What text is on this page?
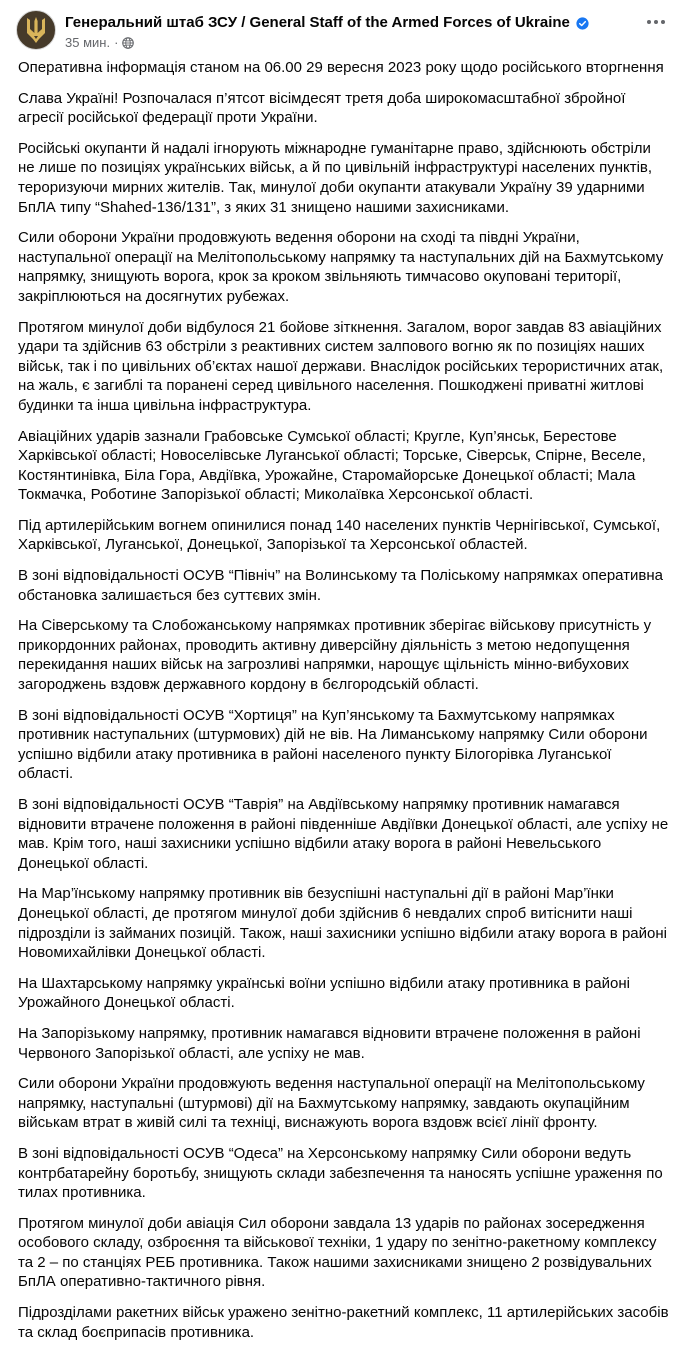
Генеральний штаб ЗСУ / General Staff of the Armed Forces of Ukraine
35 мин. ·

Оперативна інформація станом на 06.00 29 вересня 2023 року щодо російського вторгнення

Слава Україні! Розпочалася п’ятсот вісімдесят третя доба широкомасштабної збройної агресії російської федерації проти України.

Російські окупанти й надалі ігнорують міжнародне гуманітарне право, здійснюють обстріли не лише по позиціях українських військ, а й по цивільній інфраструктурі населених пунктів, тероризуючи мирних жителів. Так, минулої доби окупанти атакували Україну 39 ударними БпЛА типу “Shahed-136/131”, з яких 31 знищено нашими захисниками.

Сили оборони України продовжують ведення оборони на сході та півдні України, наступальної операції на Мелітопольському напрямку та наступальних дій на Бахмутському напрямку, знищують ворога, крок за кроком звільняють тимчасово окуповані території, закріплюються на досягнутих рубежах.

Протягом минулої доби відбулося 21 бойове зіткнення. Загалом, ворог завдав 83 авіаційних удари та здійснив 63 обстріли з реактивних систем залпового вогню як по позиціях наших військ, так і по цивільних об’єктах нашої держави. Внаслідок російських терористичних атак, на жаль, є загиблі та поранені серед цивільного населення. Пошкоджені приватні житлові будинки та інша цивільна інфраструктура.

Авіаційних ударів зазнали Грабовське Сумської області; Круглe, Куп’янськ, Берестове Харківської області; Новоселівське Луганської області; Торське, Сіверськ, Спірне, Веселе, Костянтинівка, Біла Гора, Авдіївка, Урожайне, Старомайорське Донецької області; Мала Токмачка, Роботине Запорізької області; Миколаївка Херсонської області.

Під артилерійським вогнем опинилися понад 140 населених пунктів Чернігівської, Сумської, Харківської, Луганської, Донецької, Запорізької та Херсонської областей.

В зоні відповідальності ОСУВ “Північ” на Волинському та Поліському напрямках оперативна обстановка залишається без суттєвих змін.

На Сіверському та Слобожанському напрямках противник зберігає військову присутність у прикордонних районах, проводить активну диверсійну діяльність з метою недопущення перекидання наших військ на загрозливі напрямки, нарощує щільність мінно-вибухових загороджень вздовж державного кордону в бєлгородській області.

В зоні відповідальності ОСУВ “Хортиця” на Куп’янському та Бахмутському напрямках противник наступальних (штурмових) дій не вів. На Лиманському напрямку Сили оборони успішно відбили атаку противника в районі населеного пункту Білогорівка Луганської області.

В зоні відповідальності ОСУВ “Таврія” на Авдіївському напрямку противник намагався відновити втрачене положення в районі південніше Авдіївки Донецької області, але успіху не мав. Крім того, наші захисники успішно відбили атаку ворога в районі Невельського Донецької області.

На Мар’їнському напрямку противник вів безуспішні наступальні дії в районі Мар’їнки Донецької області, де протягом минулої доби здійснив 6 невдалих спроб витіснити наші підрозділи із займаних позицій. Також, наші захисники успішно відбили атаку ворога в районі Новомихайлівки Донецької області.

На Шахтарському напрямку українські воїни успішно відбили атаку противника в районі Урожайного Донецької області.

На Запорізькому напрямку, противник намагався відновити втрачене положення в районі Червоного Запорізької області, але успіху не мав.

Сили оборони України продовжують ведення наступальної операції на Мелітопольському напрямку, наступальні (штурмові) дії на Бахмутському напрямку, завдають окупаційним військам втрат в живій силі та техніці, виснажують ворога вздовж всієї лінії фронту.

В зоні відповідальності ОСУВ “Одеса” на Херсонському напрямку Сили оборони ведуть контрбатарейну боротьбу, знищують склади забезпечення та наносять успішне ураження по тилах противника.

Протягом минулої доби авіація Сил оборони завдала 13 ударів по районах зосередження особового складу, озброєння та військової техніки, 1 удару по зенітно-ракетному комплексу та 2 – по станціях РЕБ противника. Також нашими захисниками знищено 2 розвідувальних БпЛА оперативно-тактичного рівня.

Підрозділами ракетних військ уражено зенітно-ракетний комплекс, 11 артилерійських засобів та склад боєприпасів противника.
